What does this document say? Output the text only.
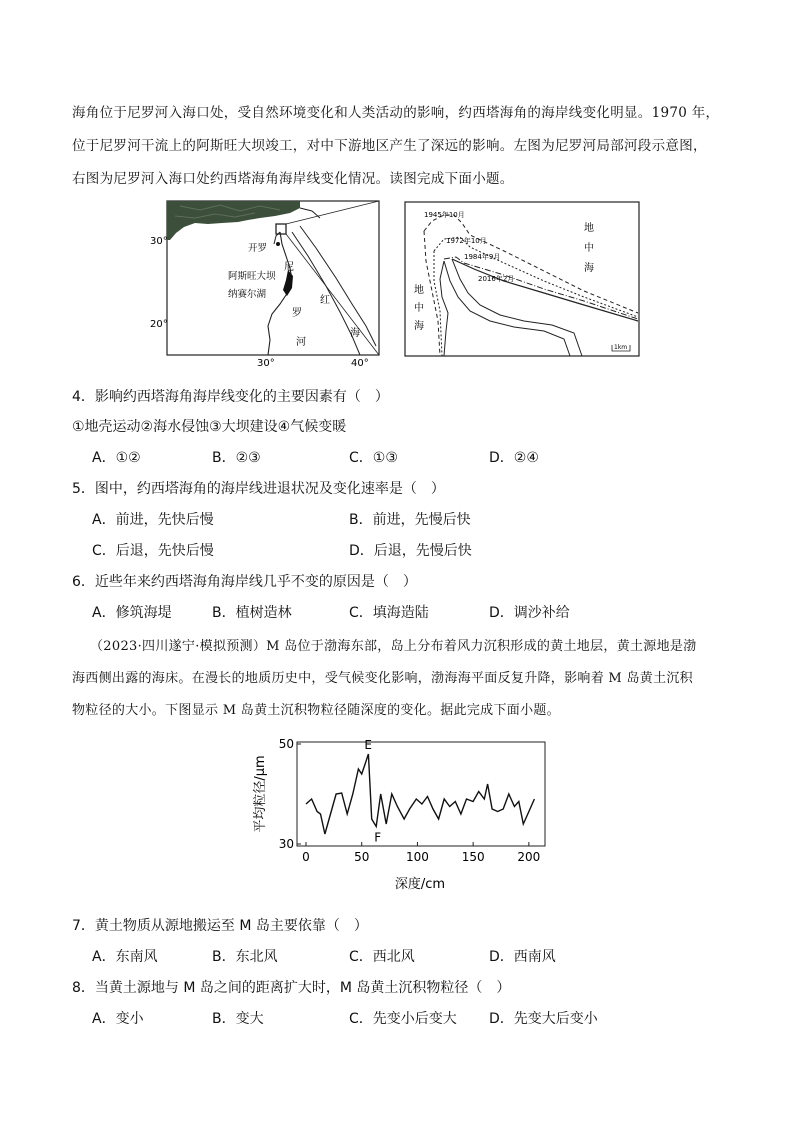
海角位于尼罗河入海口处，受自然环境变化和人类活动的影响，约西塔海角的海岸线变化明显。1970 年，
位于尼罗河干流上的阿斯旺大坝竣工，对中下游地区产生了深远的影响。左图为尼罗河局部河段示意图，
右图为尼罗河入海口处约西塔海角海岸线变化情况。读图完成下面小题。
30°
20°
30°	40°
开罗
阿斯旺大坝
纳赛尔湖
尼
罗
河
红
海
1945年10月
1972年10月
1984年9月
2016年2月
地
中
海
地
中
海
1km
4．影响约西塔海角海岸线变化的主要因素有（　）
①地壳运动②海水侵蚀③大坝建设④气候变暖
A．①②	B．②③	C．①③	D．②④
5．图中，约西塔海角的海岸线进退状况及变化速率是（　）
A．前进，先快后慢	B．前进，先慢后快
C．后退，先快后慢	D．后退，先慢后快
6．近些年来约西塔海角海岸线几乎不变的原因是（　）
A．修筑海堤	B．植树造林	C．填海造陆	D．调沙补给
（2023·四川遂宁·模拟预测）M 岛位于渤海东部，岛上分布着风力沉积形成的黄土地层，黄土源地是渤
海西侧出露的海床。在漫长的地质历史中，受气候变化影响，渤海海平面反复升降，影响着 M 岛黄土沉积
物粒径的大小。下图显示 M 岛黄土沉积物粒径随深度的变化。据此完成下面小题。
30
50
0	50	100	150	200
E
F
深度/cm
平均粒径/μm
7．黄土物质从源地搬运至 M 岛主要依靠（　）
A．东南风	B．东北风	C．西北风	D．西南风
8．当黄土源地与 M 岛之间的距离扩大时，M 岛黄土沉积物粒径（　）
A．变小	B．变大	C．先变小后变大 D．先变大后变小
